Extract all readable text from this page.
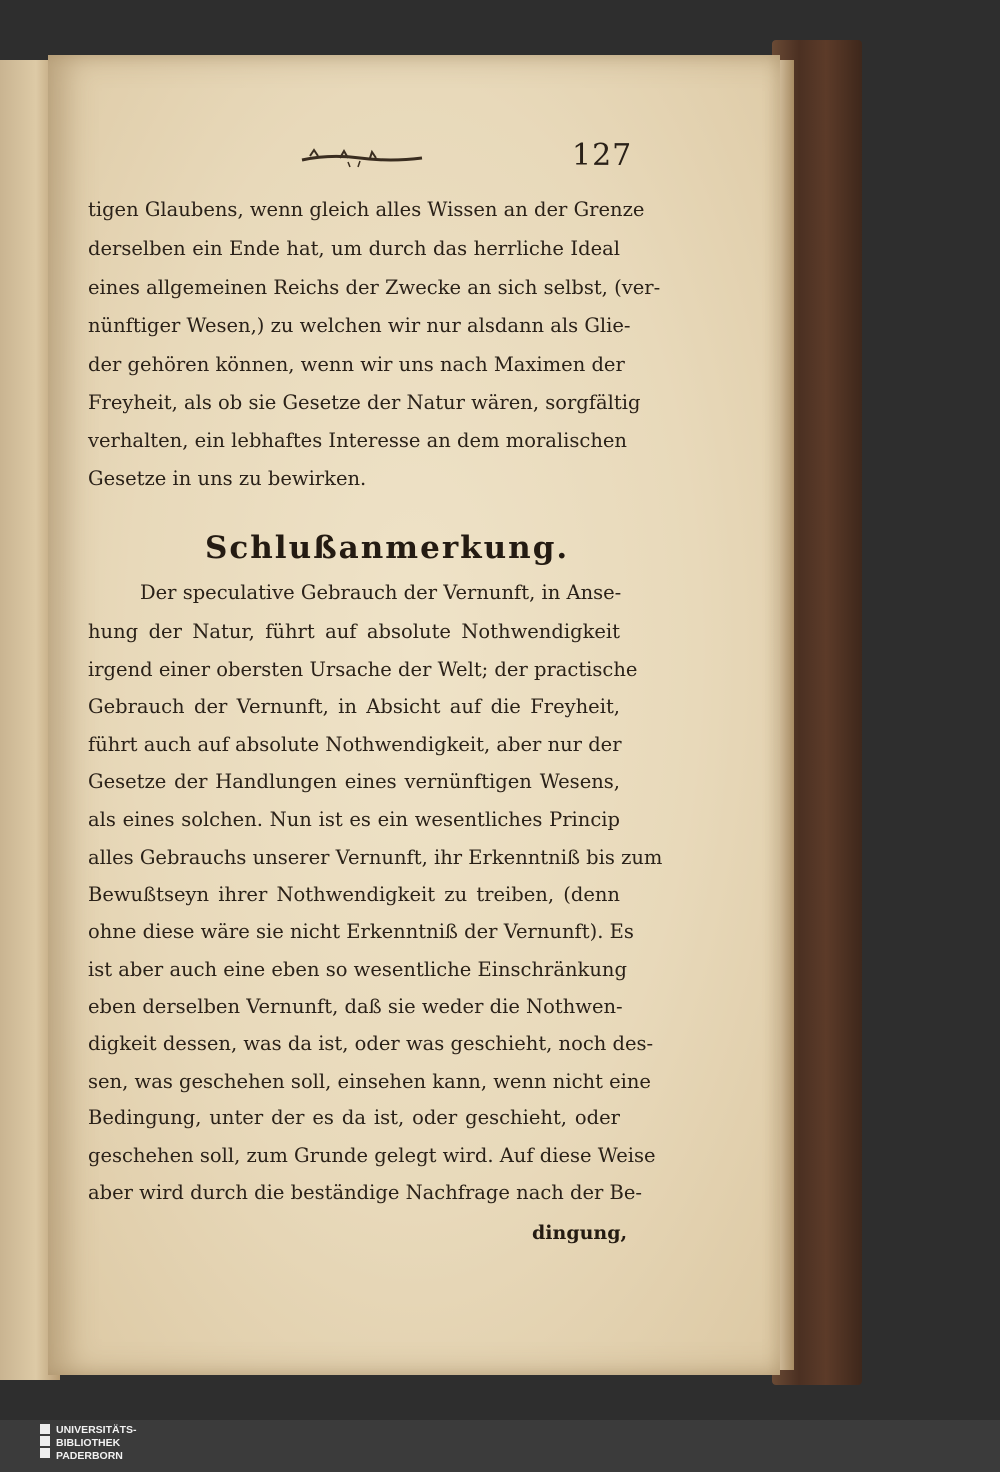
127
tigen Glaubens, wenn gleich alles Wissen an der Grenze
derselben ein Ende hat, um durch das herrliche Ideal
eines allgemeinen Reichs der Zwecke an sich selbst, (ver-
nünftiger Wesen,) zu welchen wir nur alsdann als Glie-
der gehören können, wenn wir uns nach Maximen der
Freyheit, als ob sie Gesetze der Natur wären, sorgfältig
verhalten, ein lebhaftes Interesse an dem moralischen
Gesetze in uns zu bewirken.
Schlußanmerkung.
Der speculative Gebrauch der Vernunft, in Anse-
hung der Natur, führt auf absolute Nothwendigkeit
irgend einer obersten Ursache der Welt; der practische
Gebrauch der Vernunft, in Absicht auf die Freyheit,
führt auch auf absolute Nothwendigkeit, aber nur der
Gesetze der Handlungen eines vernünftigen Wesens,
als eines solchen. Nun ist es ein wesentliches Princip
alles Gebrauchs unserer Vernunft, ihr Erkenntniß bis zum
Bewußtseyn ihrer Nothwendigkeit zu treiben, (denn
ohne diese wäre sie nicht Erkenntniß der Vernunft). Es
ist aber auch eine eben so wesentliche Einschränkung
eben derselben Vernunft, daß sie weder die Nothwen-
digkeit dessen, was da ist, oder was geschieht, noch des-
sen, was geschehen soll, einsehen kann, wenn nicht eine
Bedingung, unter der es da ist, oder geschieht, oder
geschehen soll, zum Grunde gelegt wird. Auf diese Weise
aber wird durch die beständige Nachfrage nach der Be-
dingung,
UNIVERSITÄTS-
BIBLIOTHEK
PADERBORN
